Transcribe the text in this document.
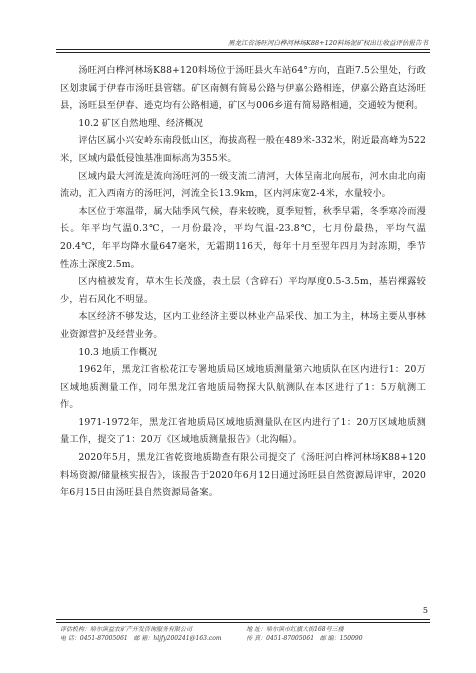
黑龙江省汤旺河白桦河林场K88+120料场泥矿权出让收益评估报告书

汤旺河白桦河林场K88+120料场位于汤旺县火车站64°方向，直距7.5公里处，行政区划隶属于伊春市汤旺县管辖。矿区南侧有简易公路与伊嘉公路相连，伊嘉公路直达汤旺县，汤旺县至伊春、逊克均有公路相通，矿区与006乡道有简易路相通，交通较为便利。

10.2 矿区自然地理、经济概况

评估区属小兴安岭东南段低山区，海拔高程一般在489米-332米，附近最高峰为522米，区域内最低侵蚀基准面标高为355米。

区域内最大河流是流向汤旺河的一级支流二清河，大体呈南北向展布，河水由北向南流动，汇入西南方的汤旺河，河流全长13.9km，区内河床宽2-4米，水量较小。

本区位于寒温带，属大陆季风气候，春来较晚，夏季短暂，秋季早霜，冬季寒冷而漫长。年平均气温0.3℃，一月份最冷，平均气温-23.8℃，七月份最热，平均气温20.4℃，年平均降水量647毫米，无霜期116天，每年十月至翌年四月为封冻期，季节性冻土深度2.5m。

区内植被发育，草木生长茂盛，表土层（含碎石）平均厚度0.5-3.5m，基岩裸露较少，岩石风化不明显。

本区经济不够发达，区内工业经济主要以林业产品采伐、加工为主，林场主要从事林业资源营护及经营业务。

10.3 地质工作概况

1962年，黑龙江省松花江专署地质局区域地质测量第六地质队在区内进行1：20万区域地质测量工作，同年黑龙江省地质局物探大队航测队在本区进行了1：5万航测工作。

1971-1972年，黑龙江省地质局区域地质测量队在区内进行了1：20万区域地质测量工作，提交了1：20万《区域地质测量报告》（北沟幅）。

2020年5月，黑龙江省乾资地质勘查有限公司提交了《汤旺河白桦河林场K88+120料场资源/储量核实报告》，该报告于2020年6月12日通过汤旺县自然资源局评审，2020年6月15日由汤旺县自然资源局备案。

5
评估机构：哈尔滨益农矿产开发咨询服务有限公司	地 址：哈尔滨市红旗大街168号三楼
电 话：0451-87005061 邮 箱：hljfy200241@163.com	传 真：0451-87005061 邮 编：150090
